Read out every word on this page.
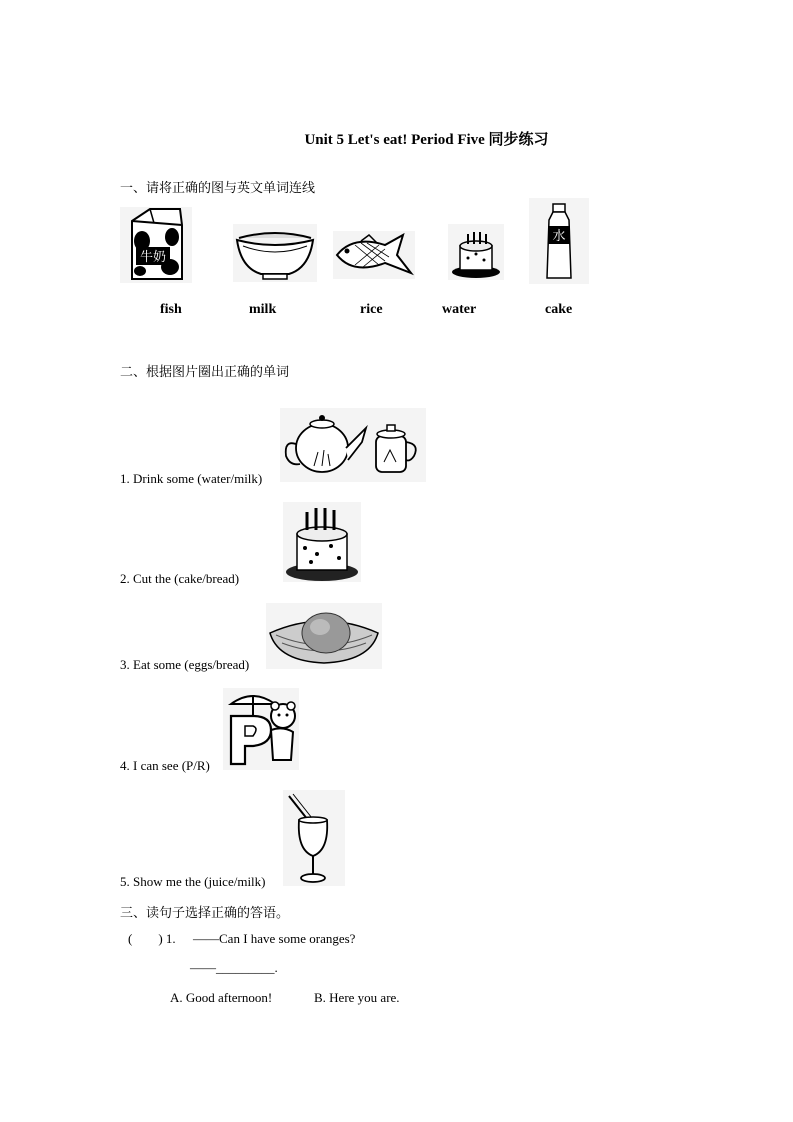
Unit 5 Let's eat! Period Five 同步练习
一、请将正确的图与英文单词连线
牛奶
水
fish	milk	rice	water	cake
二、根据图片圈出正确的单词
1. Drink some (water/milk)
2. Cut the (cake/bread)
3. Eat some (eggs/bread)
4. I can see (P/R)
5. Show me the (juice/milk)
三、读句子选择正确的答语。
(        ) 1. ——Can I have some oranges?
——_________.
A. Good afternoon!	B. Here you are.
